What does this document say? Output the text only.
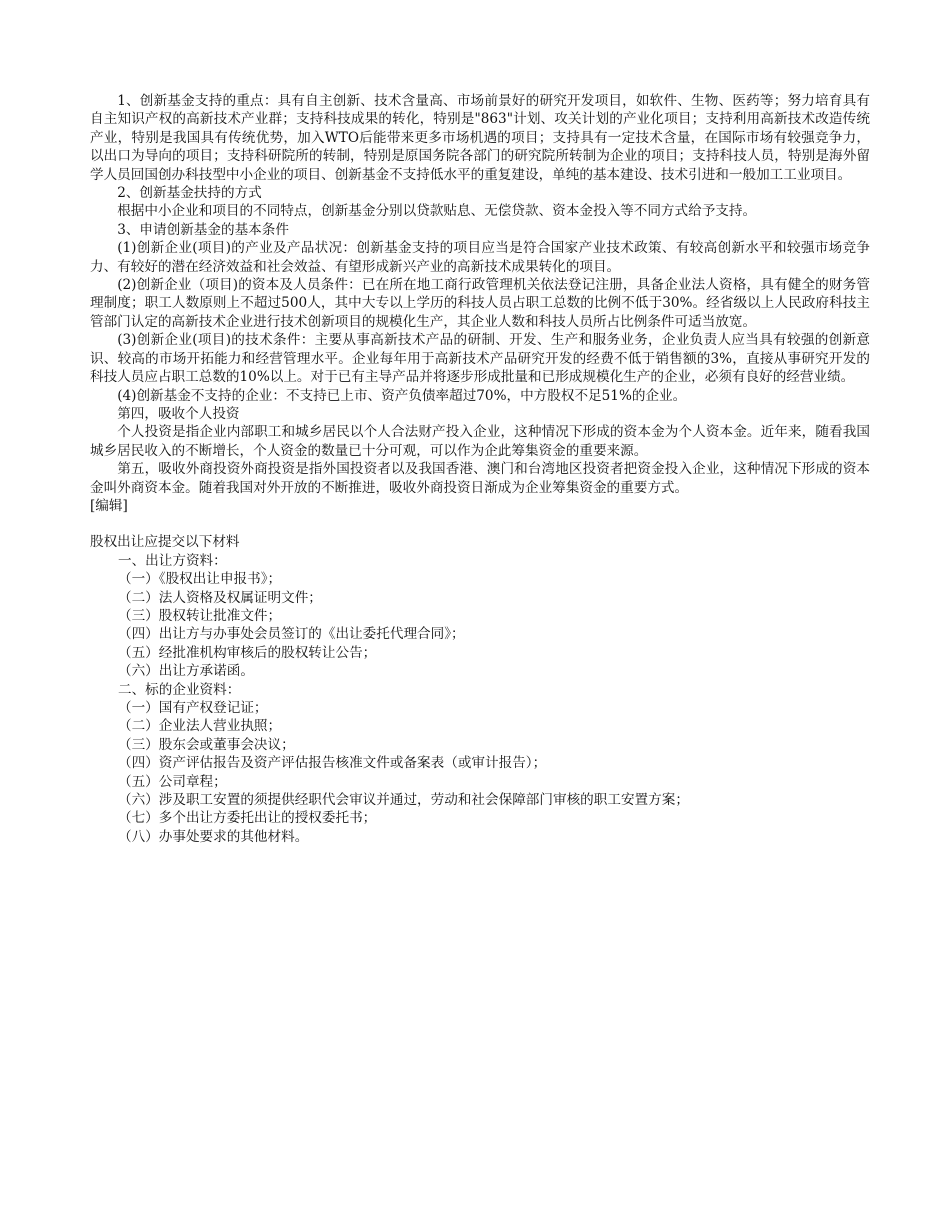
1、创新基金支持的重点：具有自主创新、技术含量高、市场前景好的研究开发项目，如软件、生物、医药等；努力培育具有自主知识产权的高新技术产业群；支持科技成果的转化，特别是"863"计划、攻关计划的产业化项目；支持利用高新技术改造传统产业，特别是我国具有传统优势，加入WTO后能带来更多市场机遇的项目；支持具有一定技术含量，在国际市场有较强竞争力，以出口为导向的项目；支持科研院所的转制，特别是原国务院各部门的研究院所转制为企业的项目；支持科技人员，特别是海外留学人员回国创办科技型中小企业的项目、创新基金不支持低水平的重复建设，单纯的基本建设、技术引进和一般加工工业项目。

2、创新基金扶持的方式

根据中小企业和项目的不同特点，创新基金分别以贷款贴息、无偿贷款、资本金投入等不同方式给予支持。

3、申请创新基金的基本条件

(1)创新企业(项目)的产业及产品状况：创新基金支持的项目应当是符合国家产业技术政策、有较高创新水平和较强市场竞争力、有较好的潜在经济效益和社会效益、有望形成新兴产业的高新技术成果转化的项目。

(2)创新企业（项目)的资本及人员条件：已在所在地工商行政管理机关依法登记注册，具备企业法人资格，具有健全的财务管理制度；职工人数原则上不超过500人，其中大专以上学历的科技人员占职工总数的比例不低于30%。经省级以上人民政府科技主管部门认定的高新技术企业进行技术创新项目的规模化生产，其企业人数和科技人员所占比例条件可适当放宽。

(3)创新企业(项目)的技术条件：主要从事高新技术产品的研制、开发、生产和服务业务，企业负责人应当具有较强的创新意识、较高的市场开拓能力和经营管理水平。企业每年用于高新技术产品研究开发的经费不低于销售额的3%，直接从事研究开发的科技人员应占职工总数的10%以上。对于已有主导产品并将逐步形成批量和已形成规模化生产的企业，必须有良好的经营业绩。

(4)创新基金不支持的企业：不支持已上市、资产负债率超过70%，中方股权不足51%的企业。

第四，吸收个人投资

个人投资是指企业内部职工和城乡居民以个人合法财产投入企业，这种情况下形成的资本金为个人资本金。近年来，随看我国城乡居民收入的不断增长，个人资金的数量已十分可观，可以作为企此筹集资金的重要来源。

第五，吸收外商投资外商投资是指外国投资者以及我国香港、澳门和台湾地区投资者把资金投入企业，这种情况下形成的资本金叫外商资本金。随着我国对外开放的不断推进，吸收外商投资日渐成为企业筹集资金的重要方式。

[编辑]

股权出让应提交以下材料

一、出让方资料：

（一）《股权出让申报书》；

（二）法人资格及权属证明文件；

（三）股权转让批准文件；

（四）出让方与办事处会员签订的《出让委托代理合同》；

（五）经批准机构审核后的股权转让公告；

（六）出让方承诺函。

二、标的企业资料：

（一）国有产权登记证；

（二）企业法人营业执照；

（三）股东会或董事会决议；

（四）资产评估报告及资产评估报告核准文件或备案表（或审计报告）；

（五）公司章程；

（六）涉及职工安置的须提供经职代会审议并通过，劳动和社会保障部门审核的职工安置方案；

（七）多个出让方委托出让的授权委托书；

（八）办事处要求的其他材料。
